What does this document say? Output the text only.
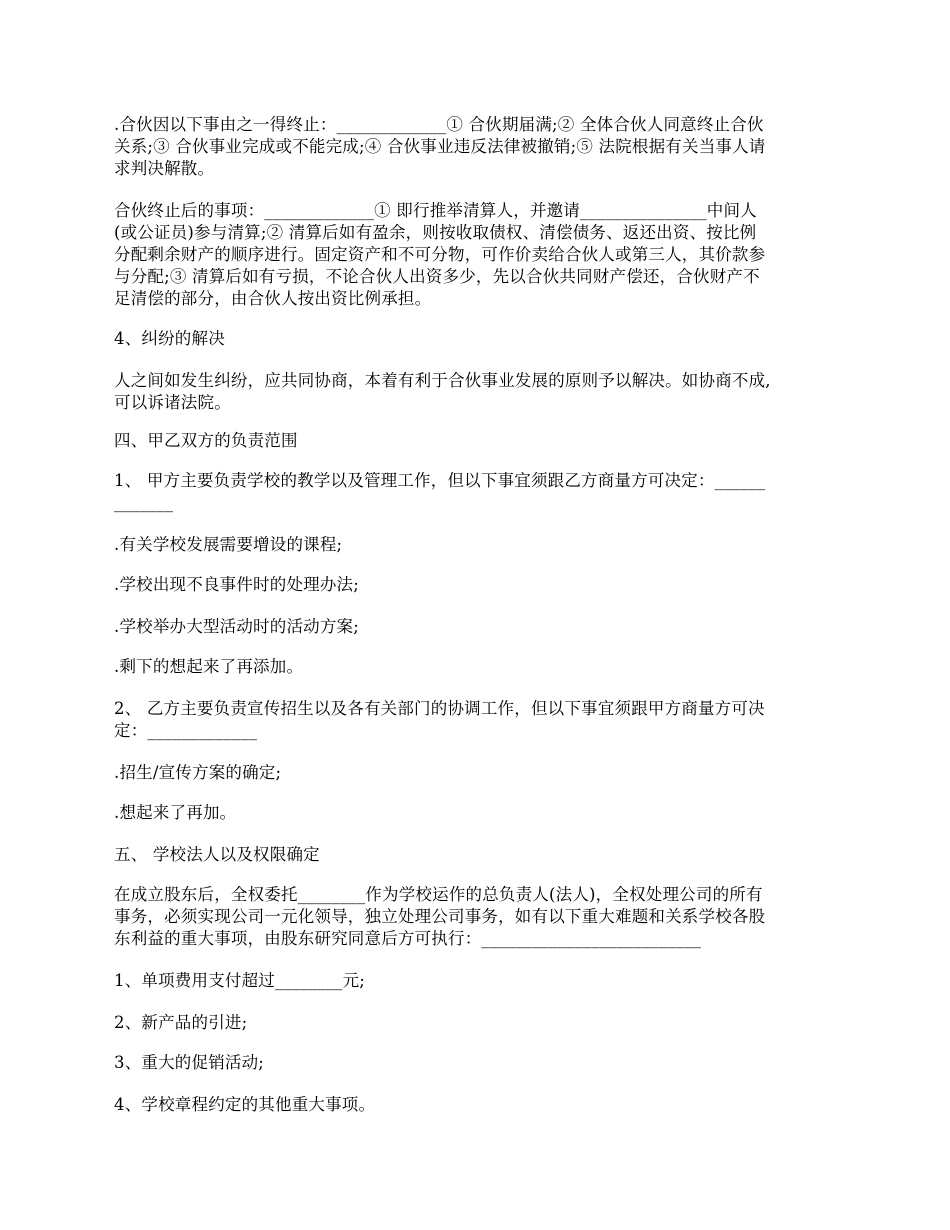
.合伙因以下事由之一得终止：_____________① 合伙期届满;② 全体合伙人同意终止合伙
关系;③ 合伙事业完成或不能完成;④ 合伙事业违反法律被撤销;⑤ 法院根据有关当事人请
求判决解散。

合伙终止后的事项：_____________① 即行推举清算人，并邀请_______________中间人
(或公证员)参与清算;② 清算后如有盈余，则按收取债权、清偿债务、返还出资、按比例
分配剩余财产的顺序进行。固定资产和不可分物，可作价卖给合伙人或第三人，其价款参
与分配;③ 清算后如有亏损，不论合伙人出资多少，先以合伙共同财产偿还，合伙财产不
足清偿的部分，由合伙人按出资比例承担。

4、纠纷的解决

人之间如发生纠纷，应共同协商，本着有利于合伙事业发展的原则予以解决。如协商不成,
可以诉诸法院。

四、甲乙双方的负责范围

1、 甲方主要负责学校的教学以及管理工作，但以下事宜须跟乙方商量方可决定：______
_______

.有关学校发展需要增设的课程;

.学校出现不良事件时的处理办法;

.学校举办大型活动时的活动方案;

.剩下的想起来了再添加。

2、 乙方主要负责宣传招生以及各有关部门的协调工作，但以下事宜须跟甲方商量方可决
定：_____________

.招生/宣传方案的确定;

.想起来了再加。

五、 学校法人以及权限确定

在成立股东后，全权委托________作为学校运作的总负责人(法人)，全权处理公司的所有
事务，必须实现公司一元化领导，独立处理公司事务，如有以下重大难题和关系学校各股
东利益的重大事项，由股东研究同意后方可执行：__________________________

1、单项费用支付超过________元;

2、新产品的引进;

3、重大的促销活动;

4、学校章程约定的其他重大事项。
